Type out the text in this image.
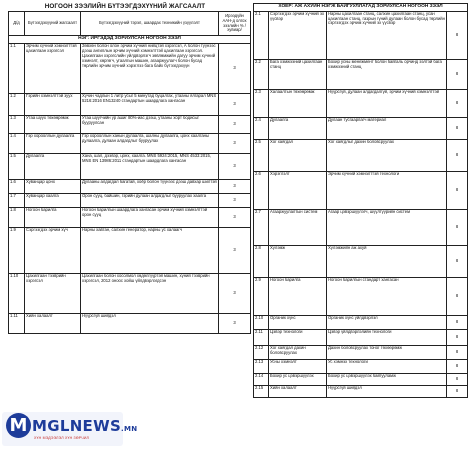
НОГООН ЗЭЭЛИЙН БҮТЭЭГДЭХҮҮНИЙ ЖАГСААЛТ
Д/д	Бүтээгдэхүүний жагсаалт	Бүтээгдэхүүний тэрэл, шаардах техникийн үзүүлэлт	Ирээдүйн ААН-д олгох зээлийн % / хувиар/
НЭГ: ИРГЭДЭД ЗОРИУЛСАН НОГООН ЗЭЭЛ			
1.1	Эрчим хүчний хэмнэлттэй цахилгаан хэрэгсэл	Зөвхөн болон олон эрчим хүчний нийцтэй хэрэгсэл, А болон түүнээс дээш ангиллын эрчим хүчний хэмнэлттэй цахилгаан хэрэгсэл. Цахилгаан хэрэгслийн үйлдвэрлэгч зөвлөмжийн дагуу эрчим хүчний хэмнэлт, хөргөгч, угаалгын машин, агааржуулагч болон бусад төрлийн эрчим хүчний хэрэглээ бага байх бүтээгдэхүүн	3
1.2	Гэрийн хэмнэлттэй зуух	Хүчин чадлын 1 литр усыг 5 минутад буцалгах, утааны ялгарал MNS 5216:2016 EN13240 стандартын шаардлага хангасан	3
1.3	Утаа шүүх төхөөрөмж	Утаа шүүгчийн үр ашиг 80%-иас дээш, утааны хорт бодисыг бууруулсан	3
1.4	Гэр хорооллын дулаалга	Гэр хорооллын ханын дулаалга, шалны дулаалга, цонх хаалганы дулаалга, дулаан алдагдлыг бууруулах	3
1.5	Дулаалга	Хана, шал, дээвэр, цонх, хаалга. MNS 5924:2015, MNS 4533:2015, MNS EN 13986:2011 стандартын шаардлага хангасан	3
1.6	Хуванцар цонх	Дулааны алдагдал багатай, хоёр болон түүнээс дээш давхар шилтэй	3
1.7	Хуванцар хаалга	Орон сууц, байшин, гэрийн дулаан алдагдлыг бууруулах хаалга	3
1.8	Ногоон барилга	Ногоон барилгын шаардлага хангасан эрчим хүчний хэмнэлттэй орон сууц	3
1.9	Сэргээгдэх эрчим хүч	Нарны хавтан, салхин генератор, нарны ус халаагч	3
1.10	Цахилгаан тээврийн хэрэгсэл	Цахилгаан болон хосолмол хөдөлгүүртэй машин, хүний тээврийн хэрэгсэл, 2012 оноос хойш үйлдвэрлэгдсэн	3
1.11	Хийн халаалт	Нүүрсгүй шийдэл	3
ХОЁР: АЖ АХУЙН НЭГЖ БАЙГУУЛЛАГАД ЗОРИУЛСАН НОГООН ЗЭЭЛ			
2.1	Сэргээгдэх эрчим хүчний эх үүсвэр	Нарны цахилгаан станц, салхин цахилгаан станц, усан цахилгаан станц, газрын гүний дулаан болон бусад төрлийн сэргээгдэх эрчим хүчний эх үүсвэр	8
2.2	Бага хэмжээний цахилгаан станц	Бохир усны менежмент болон байгаль орчинд ээлтэй бага хэмжээний станц	8
2.3	Халаалтын төхөөрөмж	Нүүрсгүй, дулаан алдагдалгүй, эрчим хүчний хэмнэлттэй	8
2.4	Дулаалга	Дулаан тусгаарлагч материал	8
2.5	Хог хаягдал	Хог хаягдлыг дахин боловсруулах	8
2.6	Хэрэглэлт	Эрчим хүчний хэмнэлттэй технологи	8
2.7	Агааржуулалтын систем	Агаар цэвэршүүлэгч, шүүлтүүрийн систем	8
2.8	Хүлэмж	Хүлэмжийн аж ахуй	8
2.9	Ногоон барилга	Ногоон барилгын стандарт хангасан	8
2.10	Органик хүнс	Органик хүнс үйлдвэрлэл	8
2.11	Цэвэр технологи	Цэвэр үйлдвэрлэлийн технологи	8
2.12	Хог хаягдал дахин боловсруулах	Дахин боловсруулах тоног төхөөрөмж	8
2.13	Усны хэмнэлт	Ус хэмнэх технологи	8
2.14	Бохир ус цэвэршүүлэх	Бохир ус цэвэршүүлэх байгууламж	8
2.15	Хийн халаалт	Нүүрсгүй шийдэл	8
M MGLNEWS.MN
ХҮН МЭДЭЭЛЭЛ ХҮН ЗӨРЧИЛ
